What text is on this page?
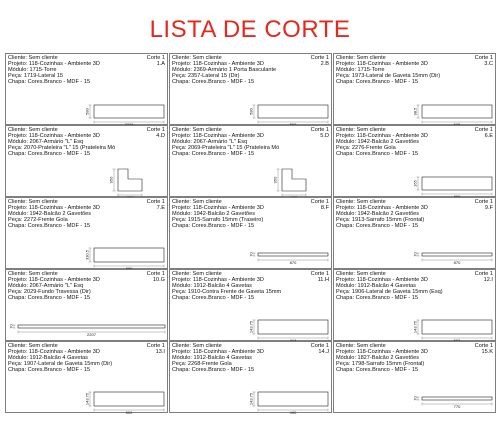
LISTA DE CORTE
Cliente: Sem cliente	Corte 1
Projeto: 118-Cozinhas - Ambiente 3D	1.A
Módulo: 1715-Torre
Peça: 1719-Lateral 15
Chapa: Cores.Branco - MDF - 15
2226
580
Cliente: Sem cliente	Corte 1
Projeto: 118-Cozinhas - Ambiente 3D	2.B
Módulo: 2369-Armário 1 Porta Basculante
Peça: 2357-Lateral 15 (Dir)
Chapa: Cores.Branco - MDF - 15
550
580
Cliente: Sem cliente	Corte 1
Projeto: 118-Cozinhas - Ambiente 3D	3.C
Módulo: 1715-Torre
Peça: 1973-Lateral de Gaveta 15mm (Dir)
Chapa: Cores.Branco - MDF - 15
505
98.5
Cliente: Sem cliente	Corte 1
Projeto: 118-Cozinhas - Ambiente 3D	4.D
Módulo: 2067-Armário "L" Esq
Peça: 2070-Prateleira "L" 15 (Prateleira Mó
Chapa: Cores.Branco - MDF - 15
950
950
Cliente: Sem cliente	Corte 1
Projeto: 118-Cozinhas - Ambiente 3D	5.D
Módulo: 2067-Armário "L" Esq
Peça: 2069-Prateleira "L" 15 (Prateleira Mó
Chapa: Cores.Branco - MDF - 15
950
950
Cliente: Sem cliente	Corte 1
Projeto: 118-Cozinhas - Ambiente 3D	6.E
Módulo: 1942-Balcão 2 Gavetões
Peça: 2276-Frente Gola
Chapa: Cores.Branco - MDF - 15
860
165
Cliente: Sem cliente	Corte 1
Projeto: 118-Cozinhas - Ambiente 3D	7.E
Módulo: 1942-Balcão 2 Gavetões
Peça: 2272-Frente Gola
Chapa: Cores.Branco - MDF - 15
890
330.5
Cliente: Sem cliente	Corte 1
Projeto: 118-Cozinhas - Ambiente 3D	8.F
Módulo: 1942-Balcão 2 Gavetões
Peça: 1915-Sarrafo 15mm (Traseiro)
Chapa: Cores.Branco - MDF - 15
870
70
Cliente: Sem cliente	Corte 1
Projeto: 118-Cozinhas - Ambiente 3D	9.F
Módulo: 1942-Balcão 2 Gavetões
Peça: 1913-Sarrafo 15mm (Frontal)
Chapa: Cores.Branco - MDF - 15
870
70
Cliente: Sem cliente	Corte 1
Projeto: 118-Cozinhas - Ambiente 3D	10.G
Módulo: 2067-Armário "L" Esq
Peça: 2029-Fundo Travessa (Dir)
Chapa: Cores.Branco - MDF - 15
2207
70
Cliente: Sem cliente	Corte 1
Projeto: 118-Cozinhas - Ambiente 3D	11.H
Módulo: 1912-Balcão 4 Gavetas
Peça: 1910-Contra Frente de Gaveta 15mm
Chapa: Cores.Branco - MDF - 15
414
143.75
Cliente: Sem cliente	Corte 1
Projeto: 118-Cozinhas - Ambiente 3D	12.I
Módulo: 1912-Balcão 4 Gavetas
Peça: 1906-Lateral de Gaveta 15mm (Esq)
Chapa: Cores.Branco - MDF - 15
502
143.75
Cliente: Sem cliente	Corte 1
Projeto: 118-Cozinhas - Ambiente 3D	13.I
Módulo: 1912-Balcão 4 Gavetas
Peça: 1907-Lateral de Gaveta 15mm (Dir)
Chapa: Cores.Branco - MDF - 15
502
143.75
Cliente: Sem cliente	Corte 1
Projeto: 118-Cozinhas - Ambiente 3D	14.J
Módulo: 1912-Balcão 4 Gavetas
Peça: 2268-Frente Gola
Chapa: Cores.Branco - MDF - 15
490
143.75
Cliente: Sem cliente	Corte 1
Projeto: 118-Cozinhas - Ambiente 3D	15.K
Módulo: 1827-Balcão 2 Gavetões
Peça: 1798-Sarrafo 15mm (Frontal)
Chapa: Cores.Branco - MDF - 15
770
70
